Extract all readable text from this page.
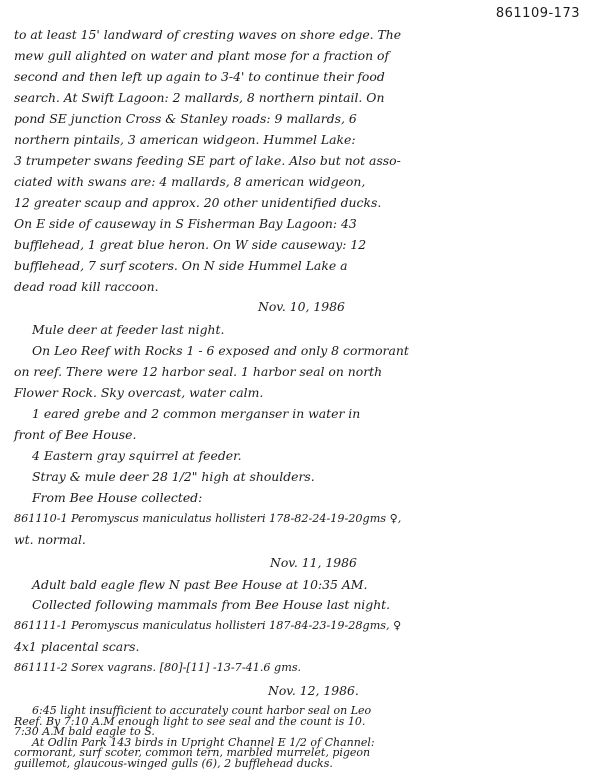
861109-173
to at least 15' landward of cresting waves on shore edge. The
mew gull alighted on water and plant mose for a fraction of
second and then left up again to 3-4' to continue their food
search. At Swift Lagoon: 2 mallards, 8 northern pintail. On
pond SE junction Cross & Stanley roads: 9 mallards, 6
northern pintails, 3 american widgeon. Hummel Lake:
3 trumpeter swans feeding SE part of lake. Also but not asso-
ciated with swans are: 4 mallards, 8 american widgeon,
12 greater scaup and approx. 20 other unidentified ducks.
On E side of causeway in S Fisherman Bay Lagoon: 43
bufflehead, 1 great blue heron. On W side causeway: 12
bufflehead, 7 surf scoters. On N side Hummel Lake a
dead road kill raccoon.
Nov. 10, 1986
Mule deer at feeder last night.
On Leo Reef with Rocks 1 - 6 exposed and only 8 cormorant
on reef. There were 12 harbor seal. 1 harbor seal on north
Flower Rock. Sky overcast, water calm.
1 eared grebe and 2 common merganser in water in
front of Bee House.
4 Eastern gray squirrel at feeder.
Stray & mule deer 28 1/2" high at shoulders.
From Bee House collected:
861110-1 Peromyscus maniculatus hollisteri 178-82-24-19-20gms ♀,
wt. normal.
Nov. 11, 1986
Adult bald eagle flew N past Bee House at 10:35 AM.
Collected following mammals from Bee House last night.
861111-1 Peromyscus maniculatus hollisteri 187-84-23-19-28gms, ♀
4x1 placental scars.
861111-2 Sorex vagrans. [80]-[11] -13-7-41.6 gms.
Nov. 12, 1986.
6:45 light insufficient to accurately count harbor seal on Leo
Reef. By 7:10 A.M enough light to see seal and the count is 10.
7:30 A.M bald eagle to S.
At Odlin Park 143 birds in Upright Channel E 1/2 of Channel:
cormorant, surf scoter, common tern, marbled murrelet, pigeon
guillemot, glaucous-winged gulls (6), 2 bufflehead ducks.
